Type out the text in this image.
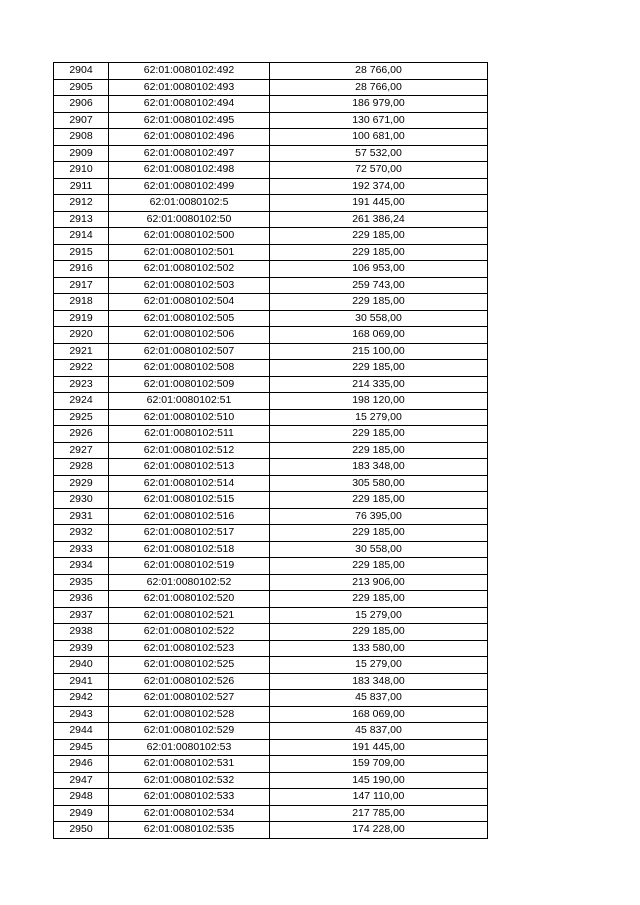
2904	62:01:0080102:492	28 766,00
2905	62:01:0080102:493	28 766,00
2906	62:01:0080102:494	186 979,00
2907	62:01:0080102:495	130 671,00
2908	62:01:0080102:496	100 681,00
2909	62:01:0080102:497	57 532,00
2910	62:01:0080102:498	72 570,00
2911	62:01:0080102:499	192 374,00
2912	62:01:0080102:5	191 445,00
2913	62:01:0080102:50	261 386,24
2914	62:01:0080102:500	229 185,00
2915	62:01:0080102:501	229 185,00
2916	62:01:0080102:502	106 953,00
2917	62:01:0080102:503	259 743,00
2918	62:01:0080102:504	229 185,00
2919	62:01:0080102:505	30 558,00
2920	62:01:0080102:506	168 069,00
2921	62:01:0080102:507	215 100,00
2922	62:01:0080102:508	229 185,00
2923	62:01:0080102:509	214 335,00
2924	62:01:0080102:51	198 120,00
2925	62:01:0080102:510	15 279,00
2926	62:01:0080102:511	229 185,00
2927	62:01:0080102:512	229 185,00
2928	62:01:0080102:513	183 348,00
2929	62:01:0080102:514	305 580,00
2930	62:01:0080102:515	229 185,00
2931	62:01:0080102:516	76 395,00
2932	62:01:0080102:517	229 185,00
2933	62:01:0080102:518	30 558,00
2934	62:01:0080102:519	229 185,00
2935	62:01:0080102:52	213 906,00
2936	62:01:0080102:520	229 185,00
2937	62:01:0080102:521	15 279,00
2938	62:01:0080102:522	229 185,00
2939	62:01:0080102:523	133 580,00
2940	62:01:0080102:525	15 279,00
2941	62:01:0080102:526	183 348,00
2942	62:01:0080102:527	45 837,00
2943	62:01:0080102:528	168 069,00
2944	62:01:0080102:529	45 837,00
2945	62:01:0080102:53	191 445,00
2946	62:01:0080102:531	159 709,00
2947	62:01:0080102:532	145 190,00
2948	62:01:0080102:533	147 110,00
2949	62:01:0080102:534	217 785,00
2950	62:01:0080102:535	174 228,00
